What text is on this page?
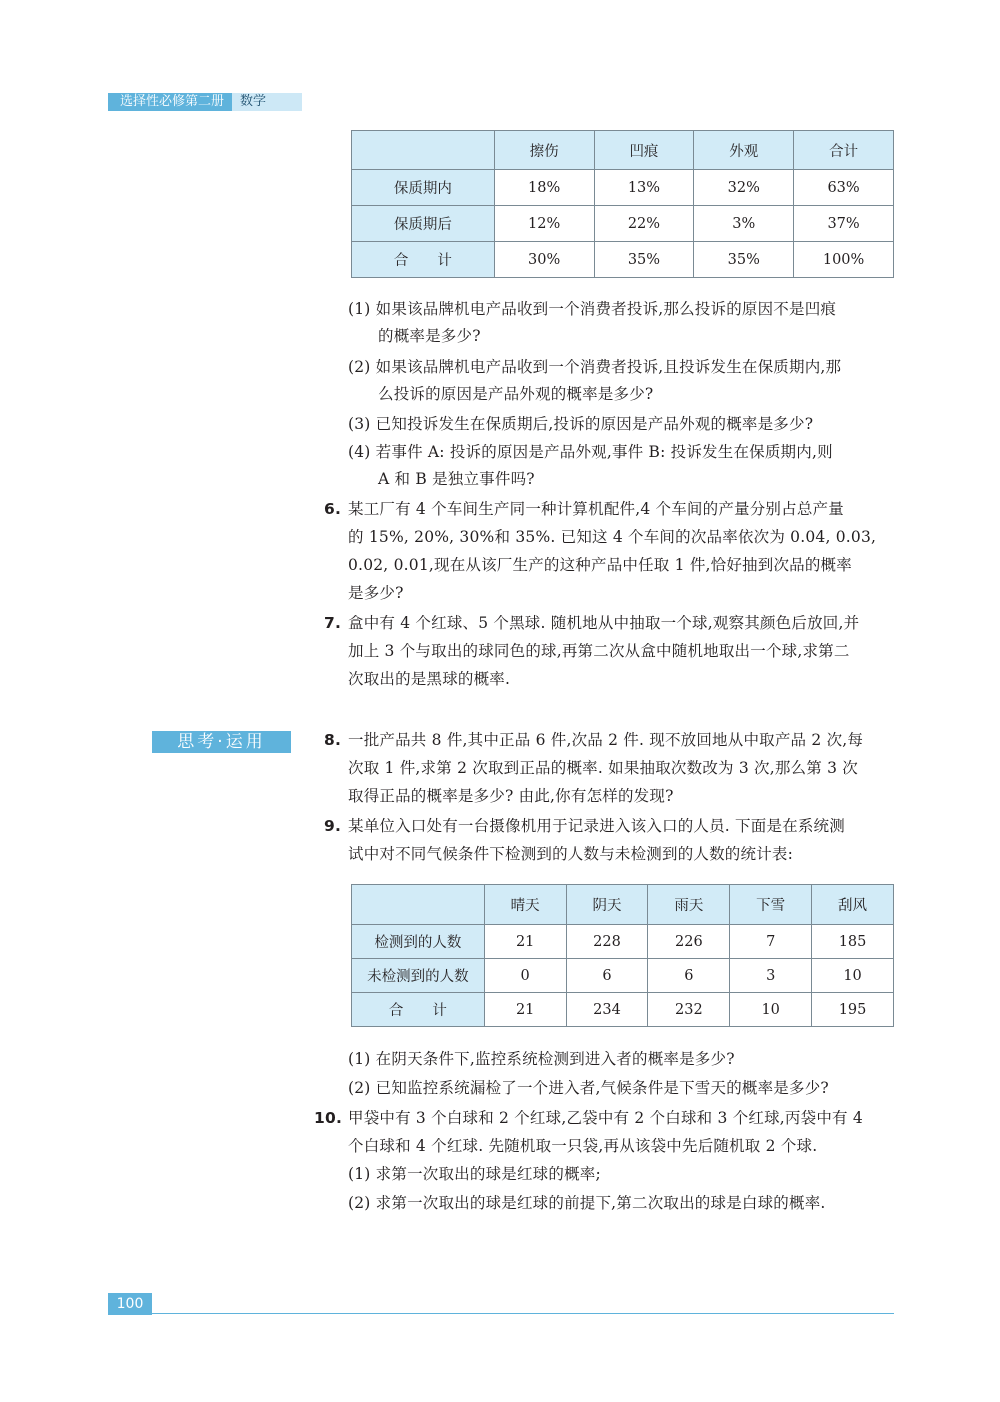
选择性必修第二册	数学
	擦伤	凹痕	外观	合计
保质期内	18%	13%	32%	63%
保质期后	12%	22%	3%	37%
合　　计	30%	35%	35%	100%
(1) 如果该品牌机电产品收到一个消费者投诉,那么投诉的原因不是凹痕
的概率是多少?
(2) 如果该品牌机电产品收到一个消费者投诉,且投诉发生在保质期内,那
么投诉的原因是产品外观的概率是多少?
(3) 已知投诉发生在保质期后,投诉的原因是产品外观的概率是多少?
(4) 若事件 A: 投诉的原因是产品外观,事件 B: 投诉发生在保质期内,则
A 和 B 是独立事件吗?
6. 某工厂有 4 个车间生产同一种计算机配件,4 个车间的产量分别占总产量
的 15%, 20%, 30%和 35%. 已知这 4 个车间的次品率依次为 0.04, 0.03,
0.02, 0.01,现在从该厂生产的这种产品中任取 1 件,恰好抽到次品的概率
是多少?
7. 盒中有 4 个红球、5 个黑球. 随机地从中抽取一个球,观察其颜色后放回,并
加上 3 个与取出的球同色的球,再第二次从盒中随机地取出一个球,求第二
次取出的是黑球的概率.
思考·运用	8. 一批产品共 8 件,其中正品 6 件,次品 2 件. 现不放回地从中取产品 2 次,每
次取 1 件,求第 2 次取到正品的概率. 如果抽取次数改为 3 次,那么第 3 次
取得正品的概率是多少? 由此,你有怎样的发现?
9. 某单位入口处有一台摄像机用于记录进入该入口的人员. 下面是在系统测
试中对不同气候条件下检测到的人数与未检测到的人数的统计表:
	晴天	阴天	雨天	下雪	刮风
检测到的人数	21	228	226	7	185
未检测到的人数	0	6	6	3	10
合　　计	21	234	232	10	195
(1) 在阴天条件下,监控系统检测到进入者的概率是多少?
(2) 已知监控系统漏检了一个进入者,气候条件是下雪天的概率是多少?
10. 甲袋中有 3 个白球和 2 个红球,乙袋中有 2 个白球和 3 个红球,丙袋中有 4
个白球和 4 个红球. 先随机取一只袋,再从该袋中先后随机取 2 个球.
(1) 求第一次取出的球是红球的概率;
(2) 求第一次取出的球是红球的前提下,第二次取出的球是白球的概率.
100
